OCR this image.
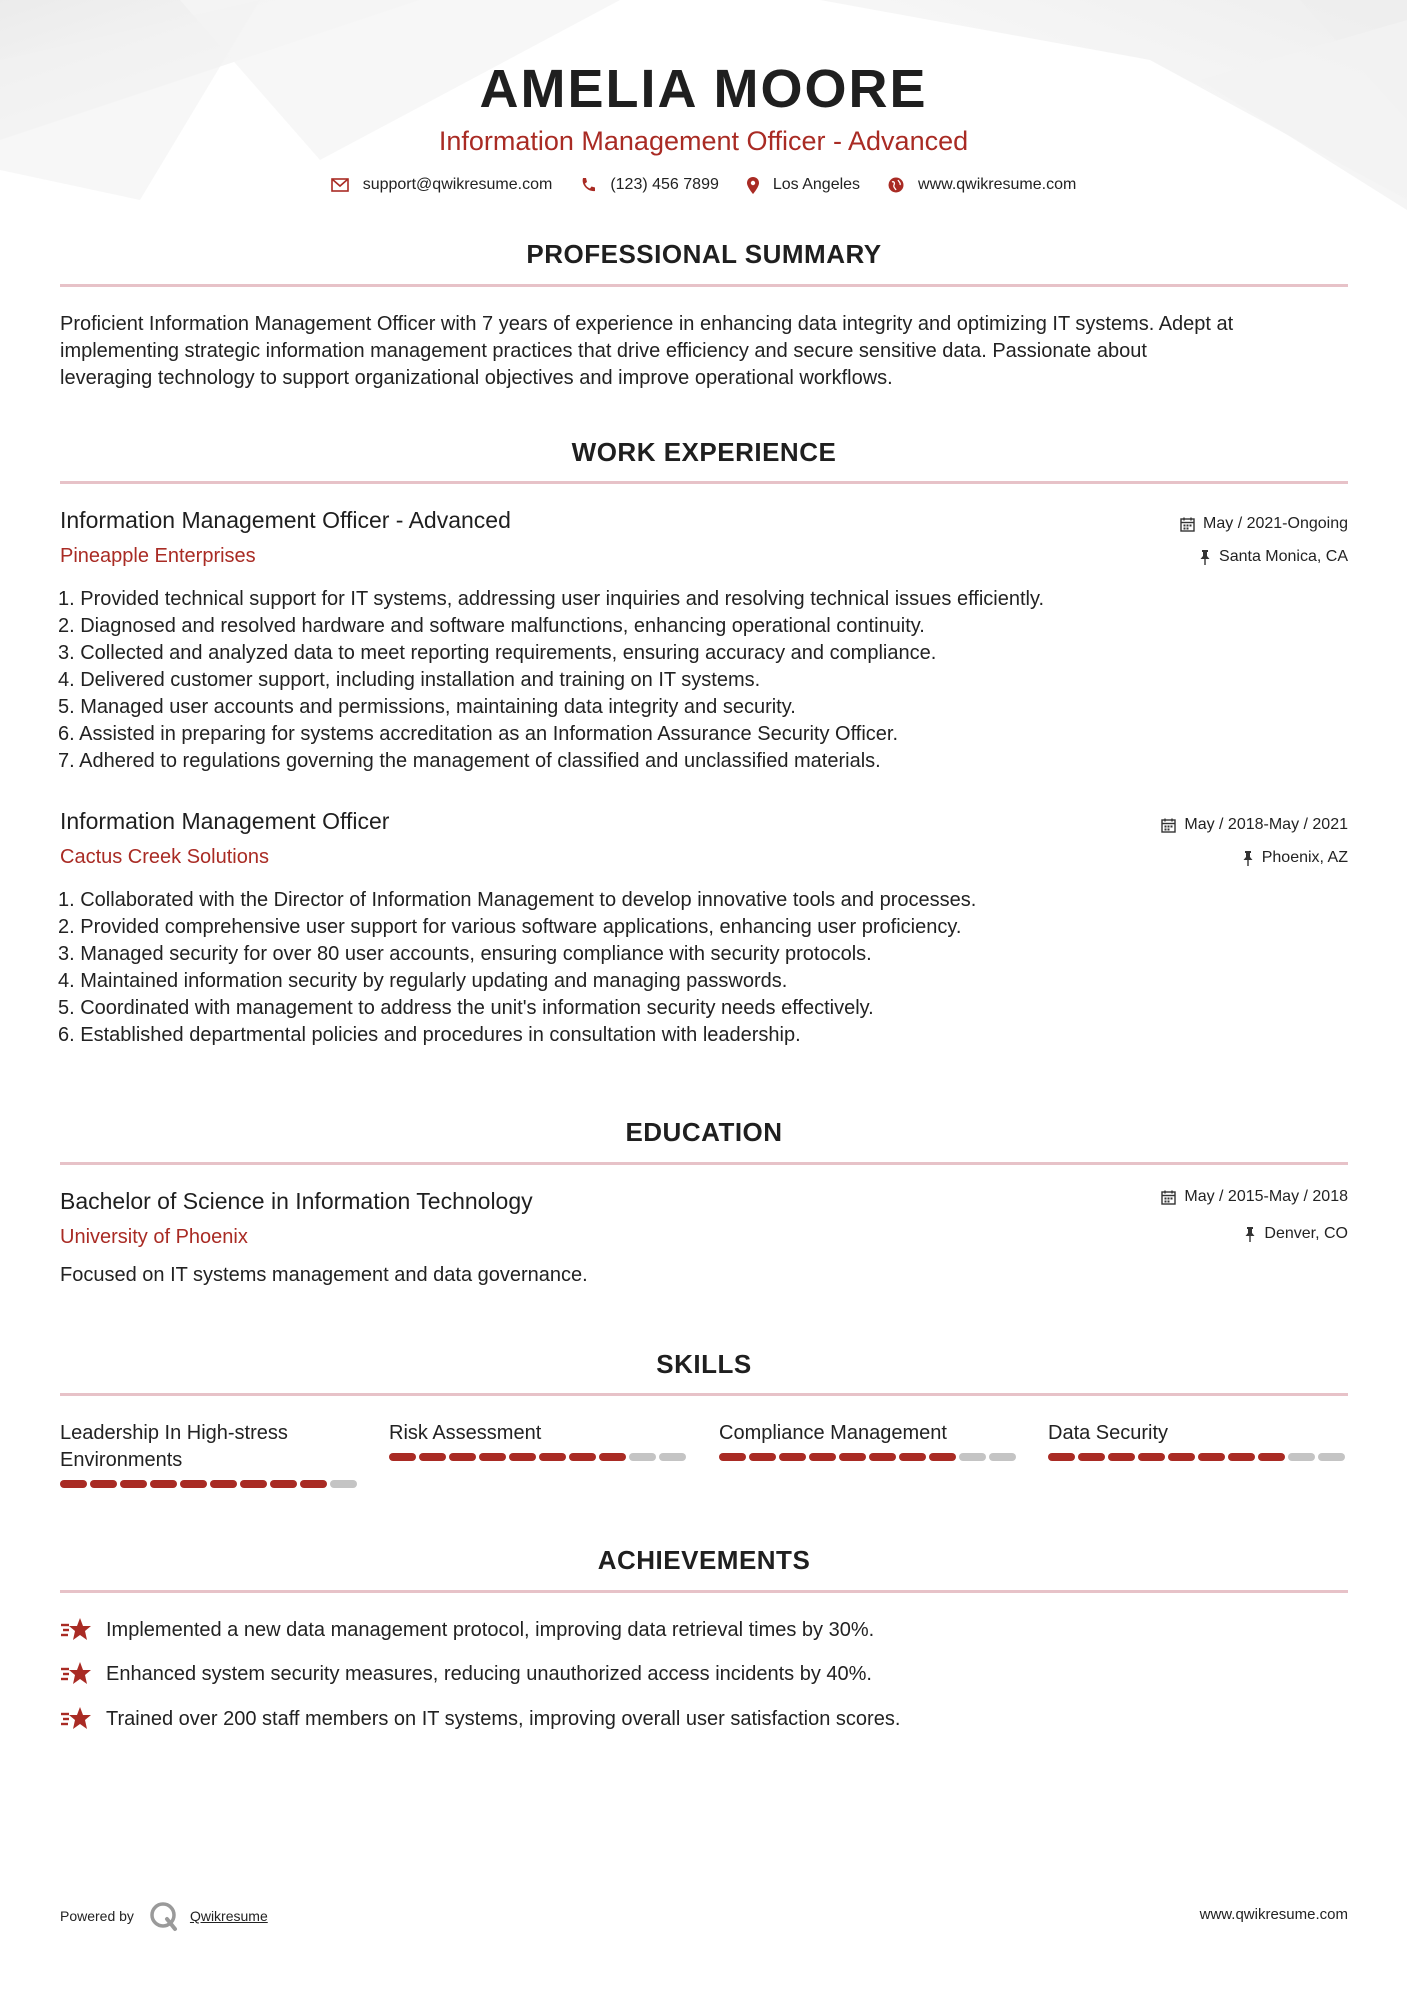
AMELIA MOORE
Information Management Officer - Advanced
support@qwikresume.com	(123) 456 7899	Los Angeles	www.qwikresume.com
PROFESSIONAL SUMMARY
Proficient Information Management Officer with 7 years of experience in enhancing data integrity and optimizing IT systems. Adept at
implementing strategic information management practices that drive efficiency and secure sensitive data. Passionate about
leveraging technology to support organizational objectives and improve operational workflows.
WORK EXPERIENCE
Information Management Officer - Advanced
Pineapple Enterprises
May / 2021-Ongoing
Santa Monica, CA
1. Provided technical support for IT systems, addressing user inquiries and resolving technical issues efficiently.
2. Diagnosed and resolved hardware and software malfunctions, enhancing operational continuity.
3. Collected and analyzed data to meet reporting requirements, ensuring accuracy and compliance.
4. Delivered customer support, including installation and training on IT systems.
5. Managed user accounts and permissions, maintaining data integrity and security.
6. Assisted in preparing for systems accreditation as an Information Assurance Security Officer.
7. Adhered to regulations governing the management of classified and unclassified materials.
Information Management Officer
Cactus Creek Solutions
May / 2018-May / 2021
Phoenix, AZ
1. Collaborated with the Director of Information Management to develop innovative tools and processes.
2. Provided comprehensive user support for various software applications, enhancing user proficiency.
3. Managed security for over 80 user accounts, ensuring compliance with security protocols.
4. Maintained information security by regularly updating and managing passwords.
5. Coordinated with management to address the unit's information security needs effectively.
6. Established departmental policies and procedures in consultation with leadership.
EDUCATION
Bachelor of Science in Information Technology
University of Phoenix
May / 2015-May / 2018
Denver, CO
Focused on IT systems management and data governance.
SKILLS
Leadership In High-stress
Environments
Risk Assessment	Compliance Management	Data Security
ACHIEVEMENTS
Implemented a new data management protocol, improving data retrieval times by 30%.
Enhanced system security measures, reducing unauthorized access incidents by 40%.
Trained over 200 staff members on IT systems, improving overall user satisfaction scores.
Powered by	Qwikresume	www.qwikresume.com
